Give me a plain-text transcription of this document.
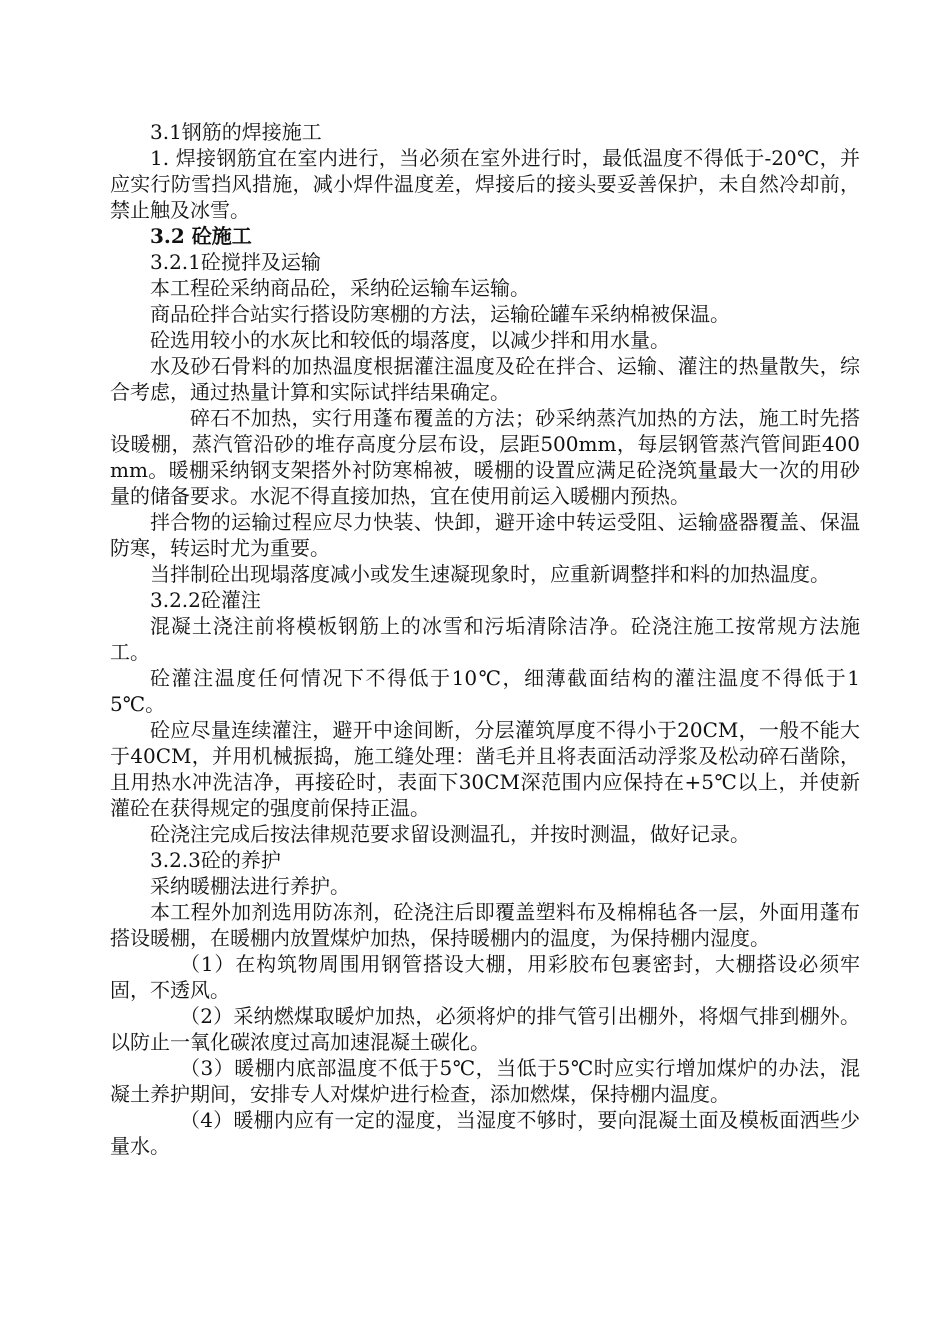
3.1钢筋的焊接施工

1. 焊接钢筋宜在室内进行，当必须在室外进行时，最低温度不得低于-20℃，并应实行防雪挡风措施，减小焊件温度差，焊接后的接头要妥善保护，未自然冷却前，禁止触及冰雪。

3.2 砼施工

3.2.1砼搅拌及运输

本工程砼采纳商品砼，采纳砼运输车运输。

商品砼拌合站实行搭设防寒棚的方法，运输砼罐车采纳棉被保温。

砼选用较小的水灰比和较低的塌落度，以减少拌和用水量。

水及砂石骨料的加热温度根据灌注温度及砼在拌合、运输、灌注的热量散失，综合考虑，通过热量计算和实际试拌结果确定。

碎石不加热，实行用蓬布覆盖的方法；砂采纳蒸汽加热的方法，施工时先搭设暖棚，蒸汽管沿砂的堆存高度分层布设，层距500mm，每层钢管蒸汽管间距400mm。暖棚采纳钢支架搭外衬防寒棉被，暖棚的设置应满足砼浇筑量最大一次的用砂量的储备要求。水泥不得直接加热，宜在使用前运入暖棚内预热。

拌合物的运输过程应尽力快装、快卸，避开途中转运受阻、运输盛器覆盖、保温防寒，转运时尤为重要。

当拌制砼出现塌落度减小或发生速凝现象时，应重新调整拌和料的加热温度。

3.2.2砼灌注

混凝土浇注前将模板钢筋上的冰雪和污垢清除洁净。砼浇注施工按常规方法施工。

砼灌注温度任何情况下不得低于10℃，细薄截面结构的灌注温度不得低于15℃。

砼应尽量连续灌注，避开中途间断，分层灌筑厚度不得小于20CM，一般不能大于40CM，并用机械振捣，施工缝处理：凿毛并且将表面活动浮浆及松动碎石凿除，且用热水冲洗洁净，再接砼时，表面下30CM深范围内应保持在+5℃以上，并使新灌砼在获得规定的强度前保持正温。

砼浇注完成后按法律规范要求留设测温孔，并按时测温，做好记录。

3.2.3砼的养护

采纳暖棚法进行养护。

本工程外加剂选用防冻剂，砼浇注后即覆盖塑料布及棉棉毡各一层，外面用蓬布搭设暖棚，在暖棚内放置煤炉加热，保持暖棚内的温度，为保持棚内湿度。

（1）在构筑物周围用钢管搭设大棚，用彩胶布包裹密封，大棚搭设必须牢固，不透风。

（2）采纳燃煤取暖炉加热，必须将炉的排气管引出棚外，将烟气排到棚外。以防止一氧化碳浓度过高加速混凝土碳化。

（3）暖棚内底部温度不低于5℃，当低于5℃时应实行增加煤炉的办法，混凝土养护期间，安排专人对煤炉进行检查，添加燃煤，保持棚内温度。

（4）暖棚内应有一定的湿度，当湿度不够时，要向混凝土面及模板面洒些少量水。
